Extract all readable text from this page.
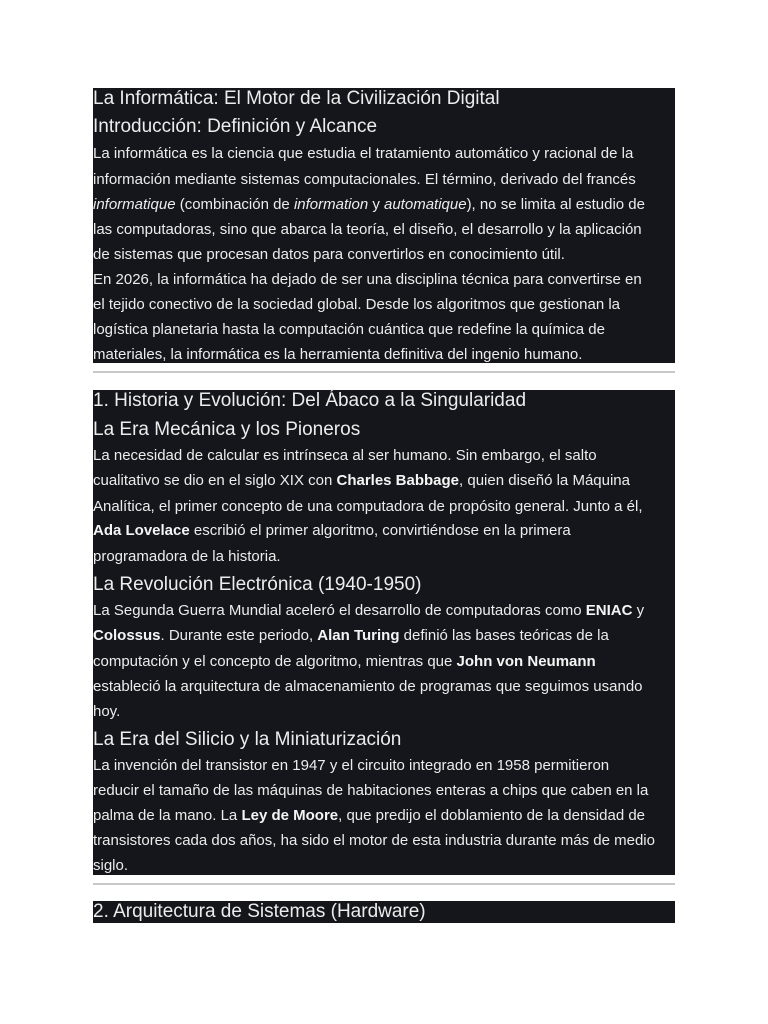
La Informática: El Motor de la Civilización Digital
Introducción: Definición y Alcance
La informática es la ciencia que estudia el tratamiento automático y racional de la
información mediante sistemas computacionales. El término, derivado del francés
informatique (combinación de information y automatique), no se limita al estudio de
las computadoras, sino que abarca la teoría, el diseño, el desarrollo y la aplicación
de sistemas que procesan datos para convertirlos en conocimiento útil.
En 2026, la informática ha dejado de ser una disciplina técnica para convertirse en
el tejido conectivo de la sociedad global. Desde los algoritmos que gestionan la
logística planetaria hasta la computación cuántica que redefine la química de
materiales, la informática es la herramienta definitiva del ingenio humano.
1. Historia y Evolución: Del Ábaco a la Singularidad
La Era Mecánica y los Pioneros
La necesidad de calcular es intrínseca al ser humano. Sin embargo, el salto
cualitativo se dio en el siglo XIX con Charles Babbage, quien diseñó la Máquina
Analítica, el primer concepto de una computadora de propósito general. Junto a él,
Ada Lovelace escribió el primer algoritmo, convirtiéndose en la primera
programadora de la historia.
La Revolución Electrónica (1940-1950)
La Segunda Guerra Mundial aceleró el desarrollo de computadoras como ENIAC y
Colossus. Durante este periodo, Alan Turing definió las bases teóricas de la
computación y el concepto de algoritmo, mientras que John von Neumann
estableció la arquitectura de almacenamiento de programas que seguimos usando
hoy.
La Era del Silicio y la Miniaturización
La invención del transistor en 1947 y el circuito integrado en 1958 permitieron
reducir el tamaño de las máquinas de habitaciones enteras a chips que caben en la
palma de la mano. La Ley de Moore, que predijo el doblamiento de la densidad de
transistores cada dos años, ha sido el motor de esta industria durante más de medio
siglo.
2. Arquitectura de Sistemas (Hardware)
